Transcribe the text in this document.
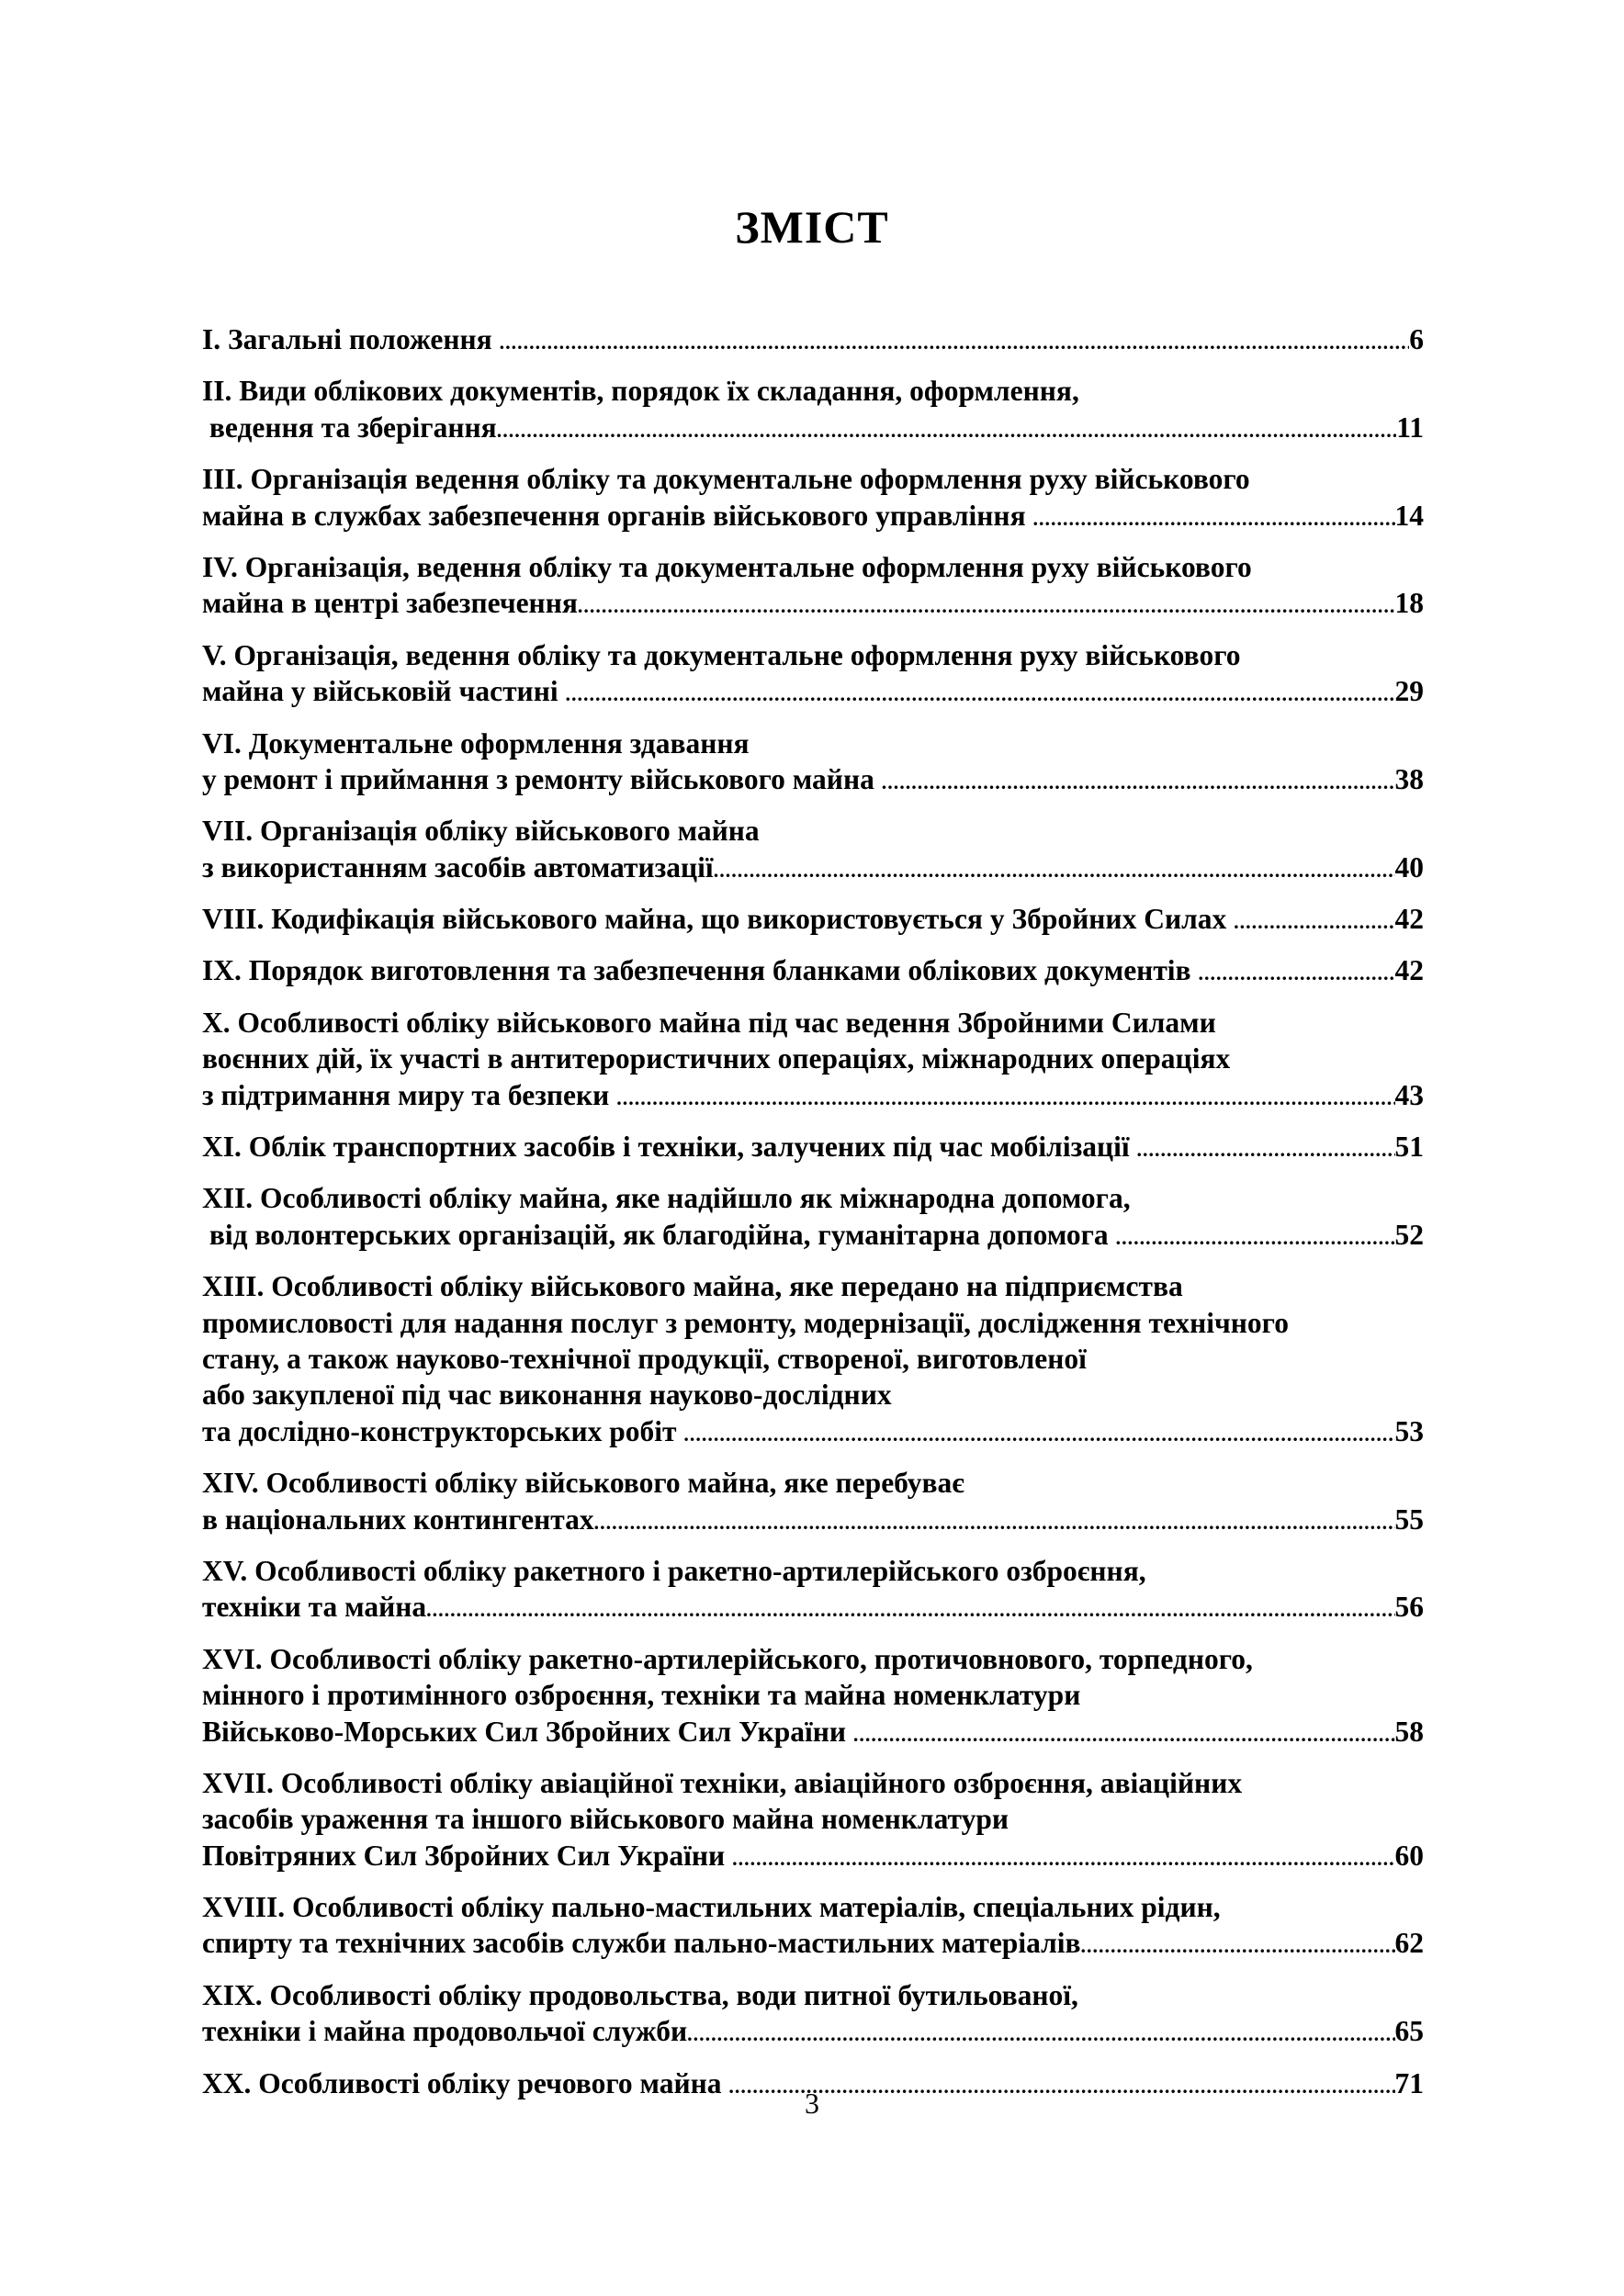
ЗМІСТ
I. Загальні положення .....	6
II. Види облікових документів, порядок їх складання, оформлення,
ведення та зберігання .....	11
III. Організація ведення обліку та документальне оформлення руху військового
майна в службах забезпечення органів військового управління .....	14
IV. Організація, ведення обліку та документальне оформлення руху військового
майна в центрі забезпечення .....	18
V. Організація, ведення обліку та документальне оформлення руху військового
майна у військовій частині .....	29
VI. Документальне оформлення здавання
у ремонт і приймання з ремонту військового майна .....	38
VII. Організація обліку військового майна
з використанням засобів автоматизації .....	40
VIII. Кодифікація військового майна, що використовується у Збройних Силах .....	42
IX. Порядок виготовлення та забезпечення бланками облікових документів .....	42
X. Особливості обліку військового майна під час ведення Збройними Силами
воєнних дій, їх участі в антитерористичних операціях, міжнародних операціях
з підтримання миру та безпеки .....	43
XI. Облік транспортних засобів і техніки, залучених під час мобілізації .....	51
XII. Особливості обліку майна, яке надійшло як міжнародна допомога,
від волонтерських організацій, як благодійна, гуманітарна допомога .....	52
XIII. Особливості обліку військового майна, яке передано на підприємства
промисловості для надання послуг з ремонту, модернізації, дослідження технічного
стану, а також науково-технічної продукції, створеної, виготовленої
або закупленої під час виконання науково-дослідних
та дослідно-конструкторських робіт .....	53
XIV. Особливості обліку військового майна, яке перебуває
в національних контингентах .....	55
XV. Особливості обліку ракетного і ракетно-артилерійського озброєння,
техніки та майна .....	56
XVI. Особливості обліку ракетно-артилерійського, протичовнового, торпедного,
мінного і протимінного озброєння, техніки та майна номенклатури
Військово-Морських Сил Збройних Сил України .....	58
XVII. Особливості обліку авіаційної техніки, авіаційного озброєння, авіаційних
засобів ураження та іншого військового майна номенклатури
Повітряних Сил Збройних Сил України .....	60
XVIII. Особливості обліку пально-мастильних матеріалів, спеціальних рідин,
спирту та технічних засобів служби пально-мастильних матеріалів .....	62
XIX. Особливості обліку продовольства, води питної бутильованої,
техніки і майна продовольчої служби .....	65
XX. Особливості обліку речового майна .....	71
3
